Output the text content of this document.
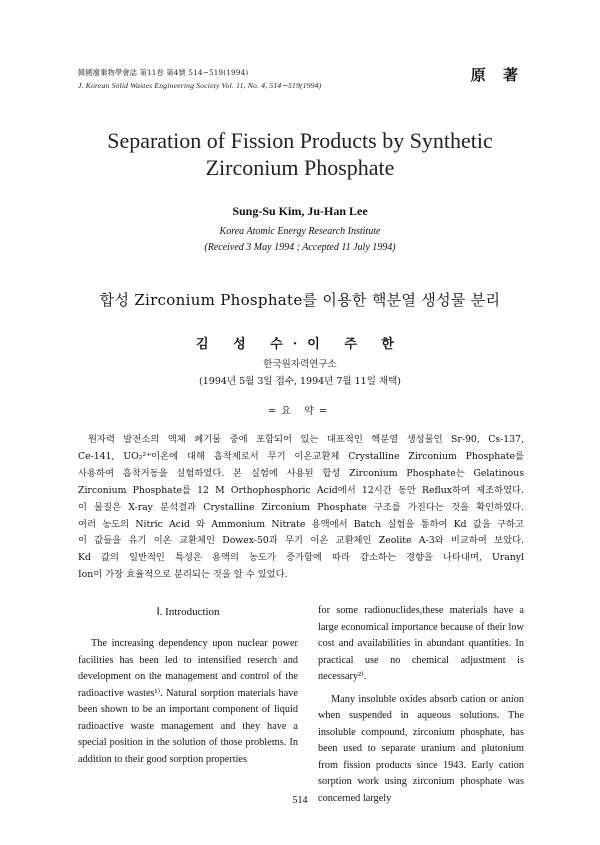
韓國廢棄物學會誌 第11卷 第4號 514∼519(1994)
J. Korean Solid Wastes Engineering Society Vol. 11, No. 4, 514∼519(1994)
原 著
Separation of Fission Products by Synthetic
Zirconium Phosphate
Sung-Su Kim, Ju-Han Lee
Korea Atomic Energy Research Institute
(Received 3 May 1994 ; Accepted 11 July 1994)
합성 Zirconium Phosphate를 이용한 핵분열 생성물 분리
김 성 수·이 주 한
한국원자력연구소
(1994년 5월 3일 접수, 1994년 7월 11일 채택)
=요 약=
원자력 발전소의 액체 폐기물 중에 포함되어 있는 대표적인 핵분열 생성물인 Sr-90, Cs-137,
Ce-141, UO₂²⁺이온에 대해 흡착제로서 무기 이온교환체 Crystalline Zirconium Phosphate를
사용하여 흡착거동을 실험하였다. 본 실험에 사용된 합성 Zirconium Phosphate는 Gelatinous
Zirconium Phosphate를 12 M Orthophosphoric Acid에서 12시간 동안 Reflux하여 제조하였다.
이 물질은 X-ray 분석결과 Crystalline Zirconium Phosphate 구조를 가진다는 것을 확인하였다.
여러 농도의 Nitric Acid 와 Ammonium Nitrate 용액에서 Batch 실험을 통하여 Kd 값을 구하고
이 값들을 유기 이온 교환체인 Dowex-50과 무기 이온 교환체인 Zeolite A-3와 비교하여 보았다.
Kd 값의 일반적인 특성은 용액의 농도가 증가함에 따라 감소하는 경향을 나타내며, Uranyl
Ion이 가장 효율적으로 분리되는 것을 알 수 있었다.
Ⅰ. Introduction

The increasing dependency upon nuclear power facilities has been led to intensified reserch and development on the management and control of the radioactive wastes¹⁾. Natural sorption materials have been shown to be an important component of liquid radioactive waste management and they have a special position in the solution of those problems. In addition to their good sorption properties

for some radionuclides,these materials have a large economical importance because of their low cost and availabilities in abundant quantities. In practical use no chemical adjustment is necessary²⁾.

Many insoluble oxides absorb cation or anion when suspended in aqueous solutions. The insoluble compound, zirconium phosphate, has been used to separate uranium and plutonium from fission products since 1943. Early cation sorption work using zirconium phosphate was concerned largely

514
